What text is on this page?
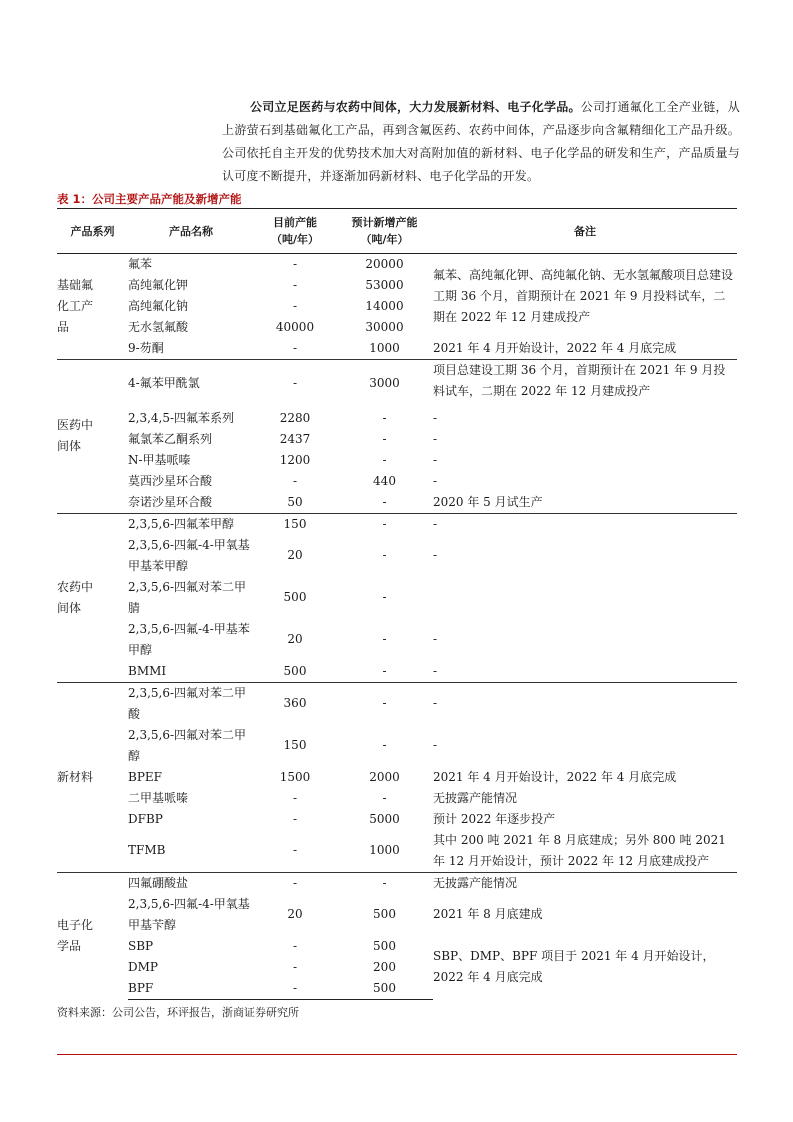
公司立足医药与农药中间体，大力发展新材料、电子化学品。公司打通氟化工全产业链，从上游萤石到基础氟化工产品，再到含氟医药、农药中间体，产品逐步向含氟精细化工产品升级。公司依托自主开发的优势技术加大对高附加值的新材料、电子化学品的研发和生产，产品质量与认可度不断提升，并逐渐加码新材料、电子化学品的开发。
表 1：公司主要产品产能及新增产能
产品系列	产品名称	目前产能
（吨/年）	预计新增产能
（吨/年）	备注
基础氟
化工产
品	氟苯	-	20000	氟苯、高纯氟化钾、高纯氟化钠、无水氢氟酸项目总建设工期 36 个月，首期预计在 2021 年 9 月投料试车，二期在 2022 年 12 月建成投产
	高纯氟化钾	-	53000	
	高纯氟化钠	-	14000	
	无水氢氟酸	40000	30000	
	9-芴酮	-	1000	2021 年 4 月开始设计，2022 年 4 月底完成
医药中
间体	4-氟苯甲酰氯	-	3000	项目总建设工期 36 个月，首期预计在 2021 年 9 月投料试车，二期在 2022 年 12 月建成投产
	2,3,4,5-四氟苯系列	2280	-	-
	氟氯苯乙酮系列	2437	-	-
	N-甲基哌嗪	1200	-	-
	莫西沙星环合酸	-	440	-
	奈诺沙星环合酸	50	-	2020 年 5 月试生产
农药中
间体	2,3,5,6-四氟苯甲醇	150	-	-
	2,3,5,6-四氟-4-甲氧基甲基苯甲醇	20	-	-
	2,3,5,6-四氟对苯二甲腈	500	-	
	2,3,5,6-四氟-4-甲基苯甲醇	20	-	-
	BMMI	500	-	-
新材料	2,3,5,6-四氟对苯二甲酸	360	-	-
	2,3,5,6-四氟对苯二甲醇	150	-	-
	BPEF	1500	2000	2021 年 4 月开始设计，2022 年 4 月底完成
	二甲基哌嗪	-	-	无披露产能情况
	DFBP	-	5000	预计 2022 年逐步投产
	TFMB	-	1000	其中 200 吨 2021 年 8 月底建成；另外 800 吨 2021 年 12 月开始设计，预计 2022 年 12 月底建成投产
电子化
学品	四氟硼酸盐	-	-	无披露产能情况
	2,3,5,6-四氟-4-甲氧基甲基苄醇	20	500	2021 年 8 月底建成
	SBP	-	500	SBP、DMP、BPF 项目于 2021 年 4 月开始设计，2022 年 4 月底完成
	DMP	-	200	
	BPF	-	500	
资料来源：公司公告，环评报告，浙商证券研究所
